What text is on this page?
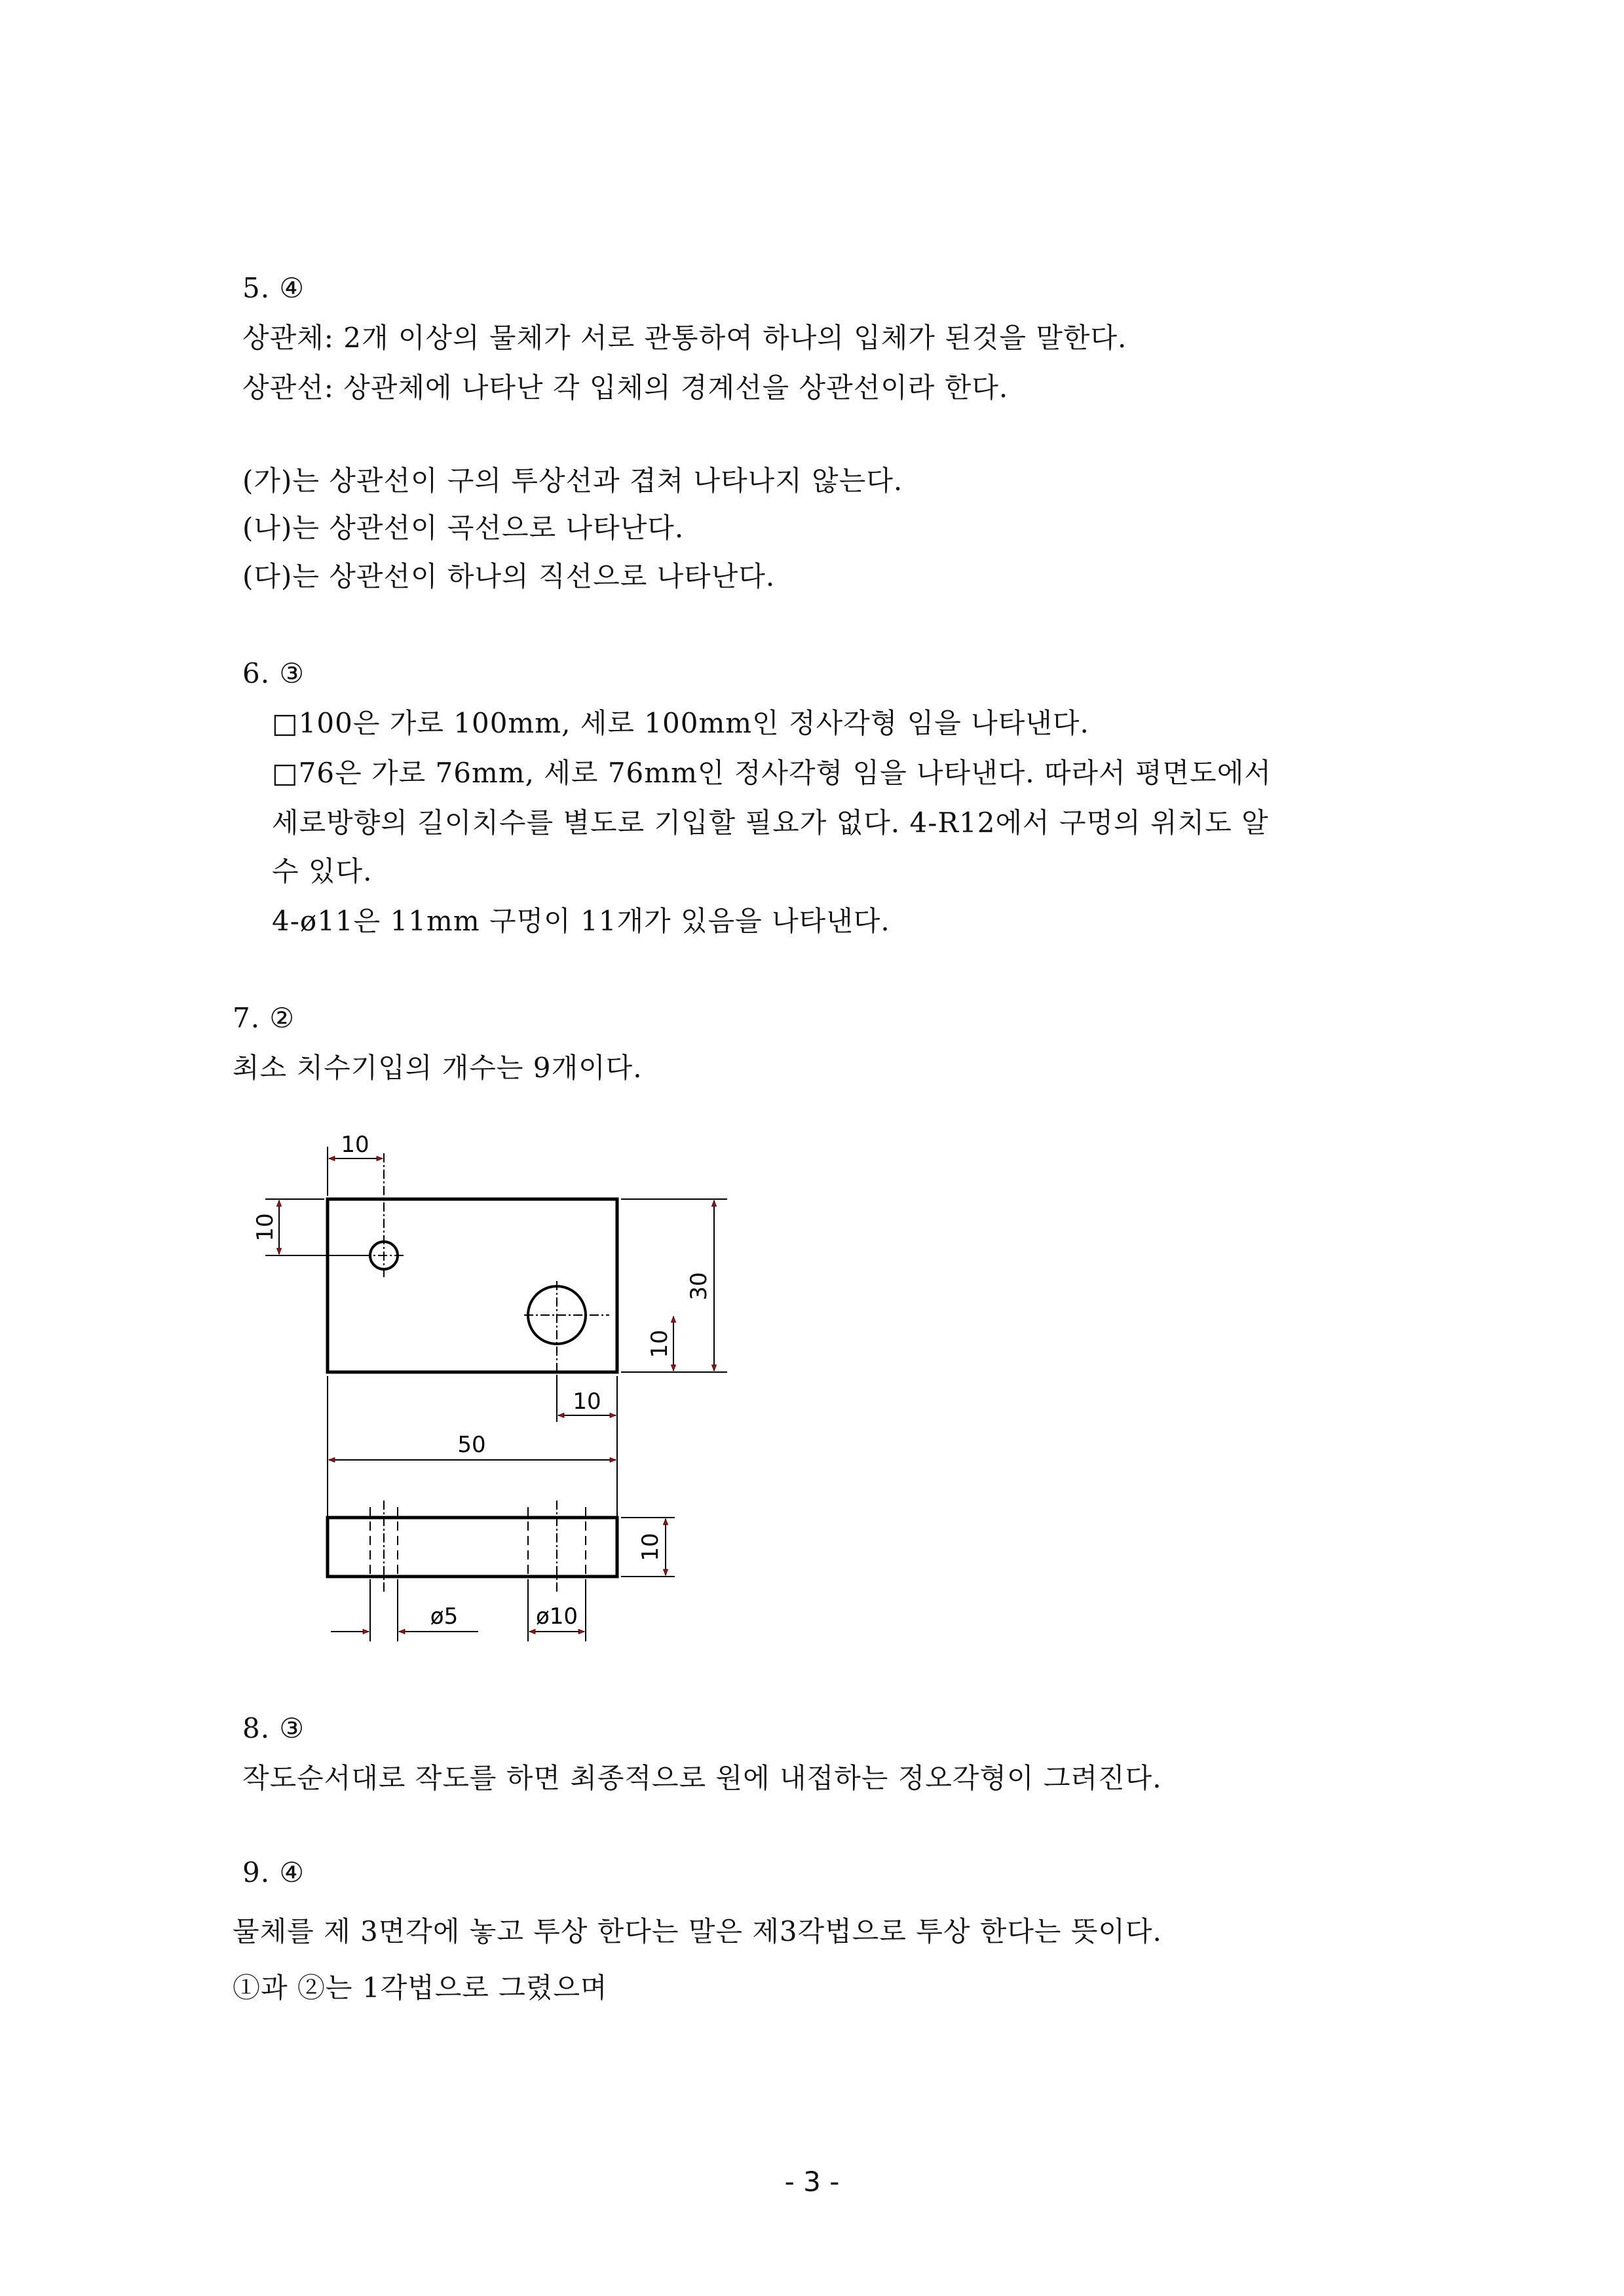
5. ④
상관체: 2개 이상의 물체가 서로 관통하여 하나의 입체가 된것을 말한다.
상관선: 상관체에 나타난 각 입체의 경계선을 상관선이라 한다.
(가)는 상관선이 구의 투상선과 겹쳐 나타나지 않는다.
(나)는 상관선이 곡선으로 나타난다.
(다)는 상관선이 하나의 직선으로 나타난다.
6. ③
□100은 가로 100mm, 세로 100mm인 정사각형 임을 나타낸다.
□76은 가로 76mm, 세로 76mm인 정사각형 임을 나타낸다. 따라서 평면도에서
세로방향의 길이치수를 별도로 기입할 필요가 없다. 4-R12에서 구멍의 위치도 알
수 있다.
4-ø11은 11mm 구멍이 11개가 있음을 나타낸다.
7. ②
최소 치수기입의 개수는 9개이다.
10
10
30
10
10
50
10
ø5	ø10
8. ③
작도순서대로 작도를 하면 최종적으로 원에 내접하는 정오각형이 그려진다.
9. ④
물체를 제 3면각에 놓고 투상 한다는 말은 제3각법으로 투상 한다는 뜻이다.
①과 ②는 1각법으로 그렸으며
- 3 -
